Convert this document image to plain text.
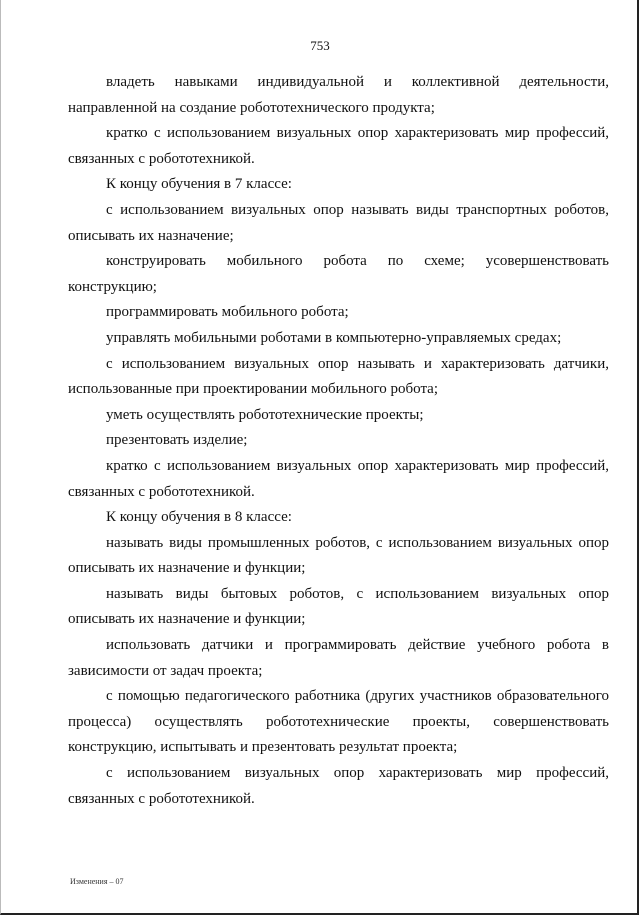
753

владеть навыками индивидуальной и коллективной деятельности, направленной на создание робототехнического продукта;

кратко с использованием визуальных опор характеризовать мир профессий, связанных с робототехникой.

К концу обучения в 7 классе:

с использованием визуальных опор называть виды транспортных роботов, описывать их назначение;

конструировать мобильного робота по схеме; усовершенствовать конструкцию;

программировать мобильного робота;

управлять мобильными роботами в компьютерно-управляемых средах;

с использованием визуальных опор называть и характеризовать датчики, использованные при проектировании мобильного робота;

уметь осуществлять робототехнические проекты;

презентовать изделие;

кратко с использованием визуальных опор характеризовать мир профессий, связанных с робототехникой.

К концу обучения в 8 классе:

называть виды промышленных роботов, с использованием визуальных опор описывать их назначение и функции;

называть виды бытовых роботов, с использованием визуальных опор описывать их назначение и функции;

использовать датчики и программировать действие учебного робота в зависимости от задач проекта;

с помощью педагогического работника (других участников образовательного процесса) осуществлять робототехнические проекты, совершенствовать конструкцию, испытывать и презентовать результат проекта;

с использованием визуальных опор характеризовать мир профессий, связанных с робототехникой.

Изменения – 07
